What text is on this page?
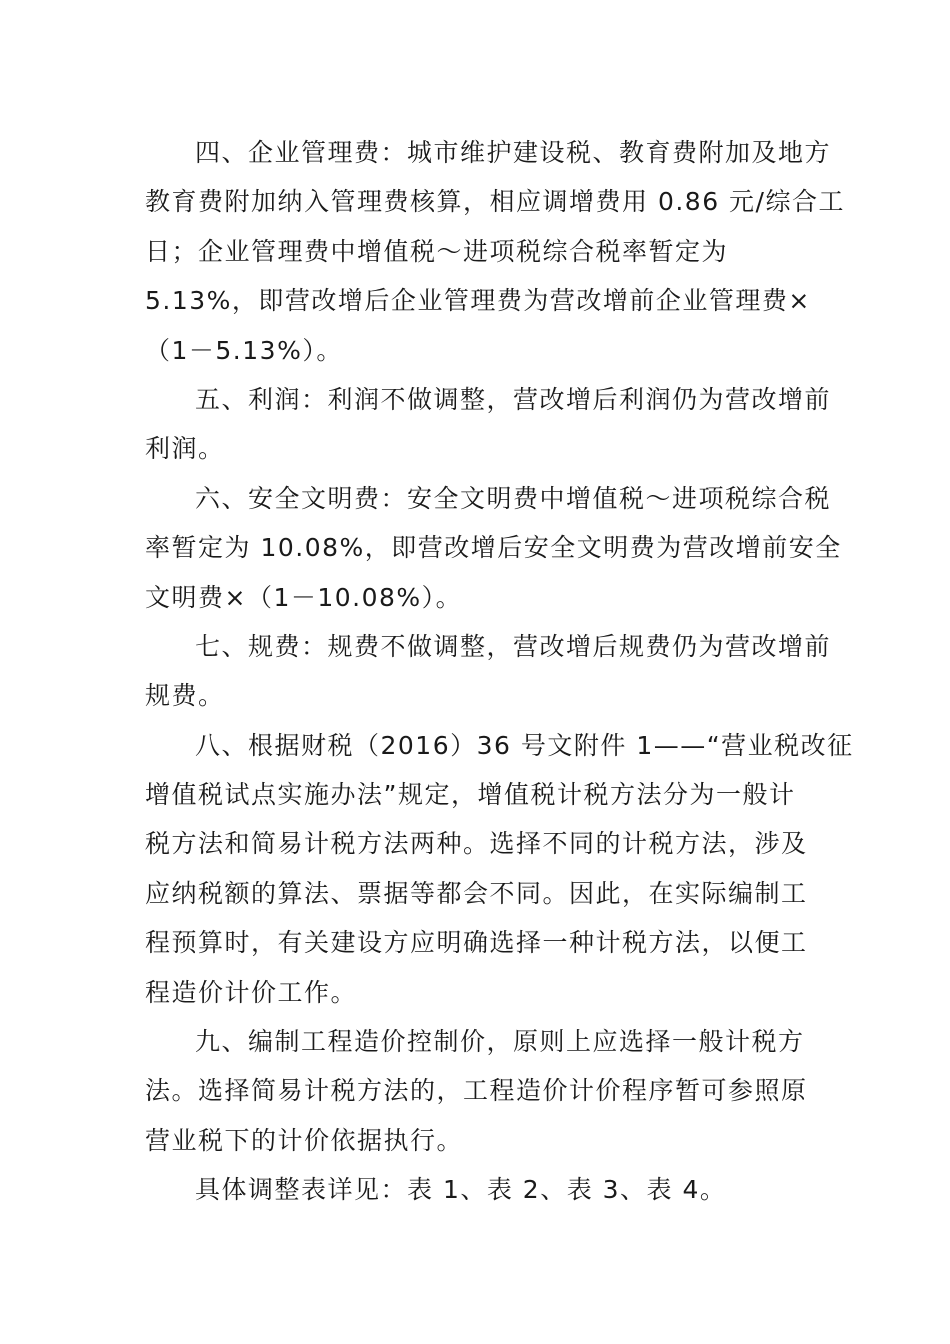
四、企业管理费：城市维护建设税、教育费附加及地方
教育费附加纳入管理费核算，相应调增费用 0.86 元/综合工
日；企业管理费中增值税～进项税综合税率暂定为
5.13%，即营改增后企业管理费为营改增前企业管理费×
（1－5.13%）。
五、利润：利润不做调整，营改增后利润仍为营改增前
利润。
六、安全文明费：安全文明费中增值税～进项税综合税
率暂定为 10.08%，即营改增后安全文明费为营改增前安全
文明费×（1－10.08%）。
七、规费：规费不做调整，营改增后规费仍为营改增前
规费。
八、根据财税（2016）36 号文附件 1——“营业税改征
增值税试点实施办法”规定，增值税计税方法分为一般计
税方法和简易计税方法两种。选择不同的计税方法，涉及
应纳税额的算法、票据等都会不同。因此，在实际编制工
程预算时，有关建设方应明确选择一种计税方法，以便工
程造价计价工作。
九、编制工程造价控制价，原则上应选择一般计税方
法。选择简易计税方法的，工程造价计价程序暂可参照原
营业税下的计价依据执行。
具体调整表详见：表 1、表 2、表 3、表 4。
